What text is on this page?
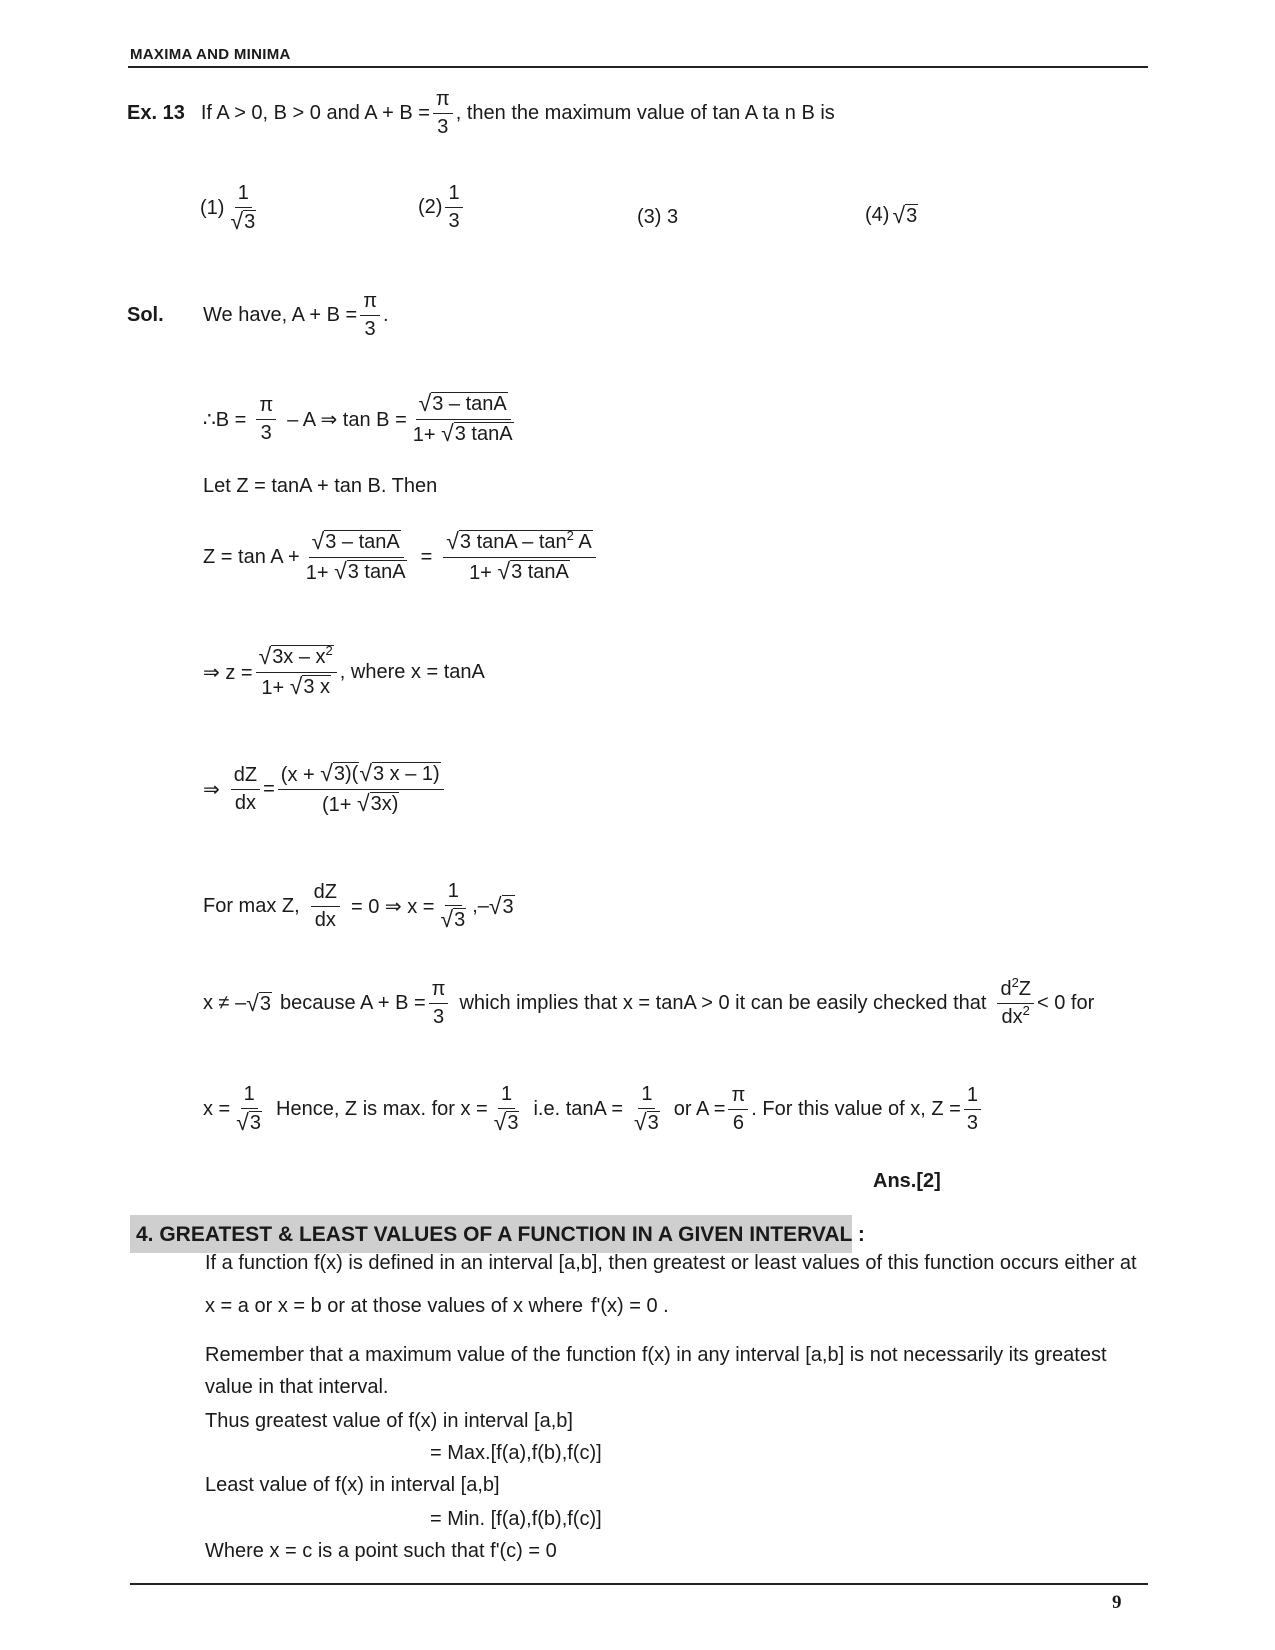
MAXIMA AND MINIMA
Ex. 13 If A > 0, B > 0 and $A + B = \frac{\pi}{3}$ , then the maximum value of tan A ta n B is
$(1) \frac{1}{√ 3}$	$(2) \frac{1}{3}$	(3) 3	(4) √ 3
Sol.	We have, $A + B = \frac{\pi}{3}$ .
∴B = $\frac{\pi}{3}$ – A ⇒ $\tan B = \frac{√ 3 - \tan A}{1+ √ 3 \tan A}$
Let Z = tanA + tan B. Then
$Z = \tan A + \frac{√ 3 - \tan A}{1+ √ 3 \tan A} = \frac{√ 3 \tan A - \tan^2 A}{1+ √ 3 \tan A}$
⇒ $z = \frac{√ 3x - x^2}{1+ √ 3 x}$ , where x = tanA
⇒ $\frac{dZ}{dx} = \frac{(x + √ 3)( √ 3 x - 1)}{(1+ √ 3x)}$
For max Z, $\frac{dZ}{dx} = 0$ ⇒ $x = \frac{1}{√ 3}$ , – √ 3
x ≠ – √ 3 because $A + B = \frac{\pi}{3}$ which implies that x = tanA > 0 it can be easily checked that $\frac{d^2Z}{dx^2} < 0$ for
$x = \frac{1}{√ 3}$ Hence, Z is max. for $x = \frac{1}{√ 3} i.e$. $\tan A = \frac{1}{√ 3}$ or $A = \frac{\pi}{6}$ . For this value of x, $Z = \frac{1}{3}$
Ans.[2]
4. GREATEST & LEAST VALUES OF A FUNCTION IN A GIVEN INTERVAL :
If a function f(x) is defined in an interval [a,b], then greatest or least values of this function occurs either at
x = a or x = b or at those values of x where f'(x) = 0 .
Remember that a maximum value of the function f(x) in any interval [a,b] is not necessarily its greatest value in that interval.
Thus greatest value of f(x) in interval [a,b]
= Max.[f(a),f(b),f(c)]
Least value of f(x) in interval [a,b]
= Min. [f(a),f(b),f(c)]
Where x = c is a point such that f'(c) = 0
9
